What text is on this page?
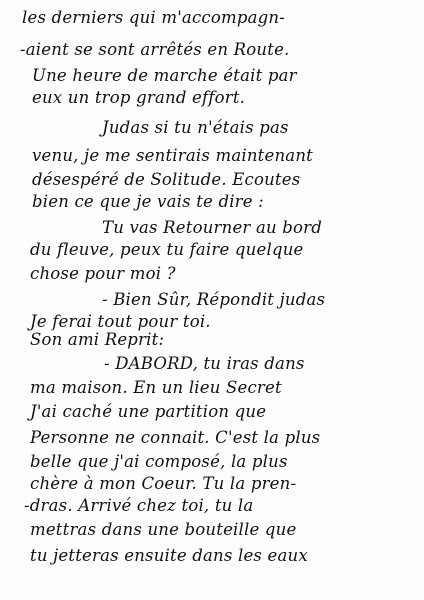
les derniers qui m'accompagn-
-aient se sont arrêtés en Route.
Une heure de marche était par
eux un trop grand effort.
Judas si tu n'étais pas
venu, je me sentirais maintenant
désespéré de Solitude. Ecoutes
bien ce que je vais te dire :
Tu vas Retourner au bord
du fleuve, peux tu faire quelque
chose pour moi ?
- Bien Sûr, Répondit judas
Je ferai tout pour toi.
Son ami Reprit:
- DABORD, tu iras dans
ma maison. En un lieu Secret
J'ai caché une partition que
Personne ne connait. C'est la plus
belle que j'ai composé, la plus
chère à mon Coeur. Tu la pren-
-dras. Arrivé chez toi, tu la
mettras dans une bouteille que
tu jetteras ensuite dans les eaux
